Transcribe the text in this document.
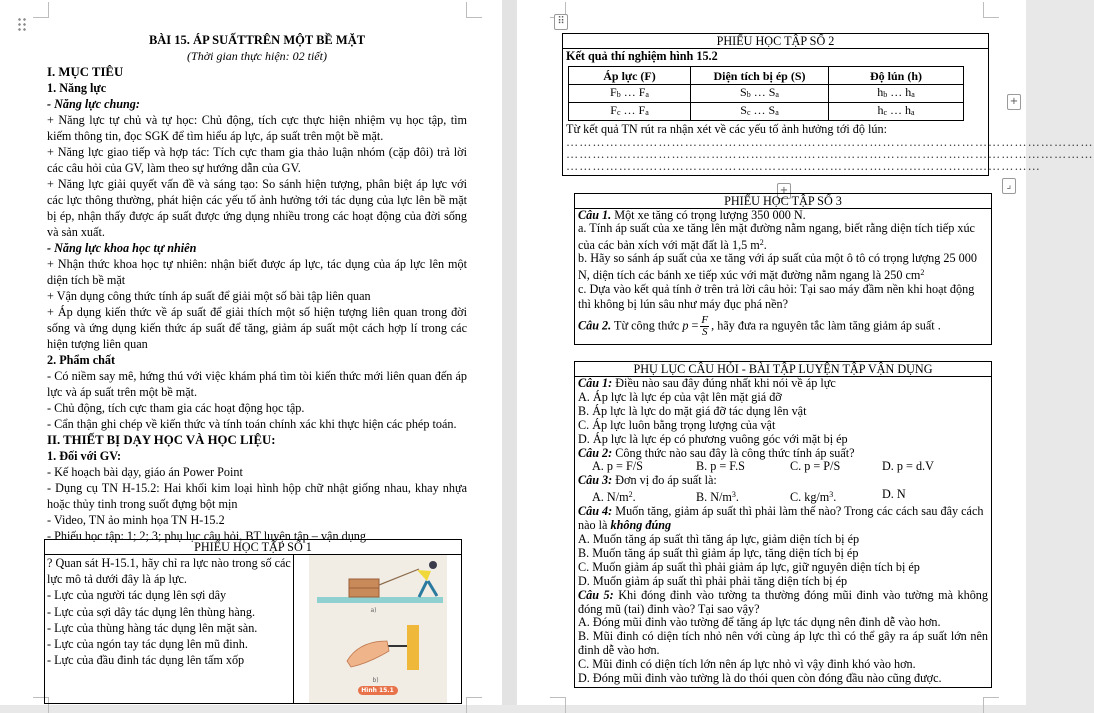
BÀI 15. ÁP SUẤTTRÊN MỘT BỀ MẶT
(Thời gian thực hiện: 02 tiết)
I. MỤC TIÊU
1. Năng lực
- Năng lực chung:
+ Năng lực tự chủ và tự học: Chủ động, tích cực thực hiện nhiệm vụ học tập, tìm kiếm thông tin, đọc SGK để tìm hiểu áp lực, áp suất trên một bề mặt.
+ Năng lực giao tiếp và hợp tác: Tích cực tham gia thảo luận nhóm (cặp đôi) trả lời các câu hỏi của GV, làm theo sự hướng dẫn của GV.
+ Năng lực giải quyết vấn đề và sáng tạo: So sánh hiện tượng, phân biệt áp lực với các lực thông thường, phát hiện các yếu tố ảnh hưởng tới tác dụng của lực lên bề mặt bị ép, nhận thấy được áp suất được ứng dụng nhiều trong các hoạt động của đời sống và sản xuất.
- Năng lực khoa học tự nhiên
+ Nhận thức khoa học tự nhiên: nhận biết được áp lực, tác dụng của áp lực lên một diện tích bề mặt
+ Vận dụng công thức tính áp suất để giải một số bài tập liên quan
+ Áp dụng kiến thức về áp suất để giải thích một số hiện tượng liên quan trong đời sống và ứng dụng kiến thức áp suất để tăng, giảm áp suất một cách hợp lí trong các hiện tượng liên quan
2. Phẩm chất
- Có niềm say mê, hứng thú với việc khám phá tìm tòi kiến thức mới liên quan đến áp lực và áp suất trên một bề mặt.
- Chủ động, tích cực tham gia các hoạt động học tập.
- Cẩn thận ghi chép về kiến thức và tính toán chính xác khi thực hiện các phép toán.
II. THIẾT BỊ DẠY HỌC VÀ HỌC LIỆU:
1. Đối với GV:
- Kế hoạch bài dạy, giáo án Power Point
- Dụng cụ TN H-15.2: Hai khối kim loại hình hộp chữ nhật giống nhau, khay nhựa hoặc thủy tinh trong suốt đựng bột mịn
- Video, TN ảo minh họa TN H-15.2
- Phiếu học tập: 1; 2; 3; phụ lục câu hỏi, BT luyện tập – vận dụng
PHIẾU HỌC TẬP SỐ 1

? Quan sát H-15.1, hãy chỉ ra lực nào trong số các lực mô tả dưới đây là áp lực.
- Lực của người tác dụng lên sợi dây
- Lực của sợi dây tác dụng lên thùng hàng.
- Lực của thùng hàng tác dụng lên mặt sàn.
- Lực của ngón tay tác dụng lên mũ đinh.
- Lực của đầu đinh tác dụng lên tấm xốp

a)
b)
Hình 15.1
⠿
+
⌟
+
PHIẾU HỌC TẬP SỐ 2
Kết quả thí nghiệm hình 15.2
Áp lực (F)	Diện tích bị ép (S)	Độ lún (h)
$F_b$ … $F_a$	$S_b$ … $S_a$	$h_b$ … $h_a$
$F_c$ … $F_a$	$S_c$ … $S_a$	$h_c$ … $h_a$
Từ kết quả TN rút ra nhận xét về các yếu tố ảnh hưởng tới độ lún:
…………………………………………………………………………………………………………
…………………………………………………………………………………………………………
………………………………………………………………………………………………
PHIẾU HỌC TẬP SỐ 3
Câu 1. Một xe tăng có trọng lượng 350 000 N.
a. Tính áp suất của xe tăng lên mặt đường nằm ngang, biết rằng diện tích tiếp xúc của các bản xích với mặt đất là 1,5 $m^2$.
b. Hãy so sánh áp suất của xe tăng với áp suất của một ô tô có trọng lượng 25 000 N, diện tích các bánh xe tiếp xúc với mặt đường nằm ngang là 250 $cm^2$
c. Dựa vào kết quả tính ở trên trả lời câu hỏi: Tại sao máy đầm nền khi hoạt động thì không bị lún sâu như máy đục phá nền?
Câu 2. Từ công thức $p = \frac{F}{S}$ , hãy đưa ra nguyên tắc làm tăng giảm áp suất .
PHỤ LỤC CÂU HỎI - BÀI TẬP LUYỆN TẬP VẬN DỤNG
Câu 1: Điều nào sau đây đúng nhất khi nói về áp lực
A. Áp lực là lực ép của vật lên mặt giá đỡ
B. Áp lực là lực do mặt giá đỡ tác dụng lên vật
C. Áp lực luôn bằng trọng lượng của vật
D. Áp lực là lực ép có phương vuông góc với mặt bị ép
Câu 2: Công thức nào sau đây là công thức tính áp suất?
A. p = F/S	B. p = F.S	C. p = P/S	D. p = d.V
Câu 3: Đơn vị đo áp suất là:
A. $N/m^2$.	B. $N/m^3$.	C. $kg/m^3$.	D. N
Câu 4: Muốn tăng, giảm áp suất thì phải làm thế nào? Trong các cách sau đây cách nào là không đúng
A. Muốn tăng áp suất thì tăng áp lực, giảm diện tích bị ép
B. Muốn tăng áp suất thì giảm áp lực, tăng diện tích bị ép
C. Muốn giảm áp suất thì phải giảm áp lực, giữ nguyên diện tích bị ép
D. Muốn giảm áp suất thì phải phải tăng diện tích bị ép
Câu 5: Khi đóng đinh vào tường ta thường đóng mũi đinh vào tường mà không đóng mũ (tai) đinh vào? Tại sao vậy?
A. Đóng mũi đinh vào tường để tăng áp lực tác dụng nên đinh dễ vào hơn.
B. Mũi đinh có diện tích nhỏ nên với cùng áp lực thì có thể gây ra áp suất lớn nên đinh dễ vào hơn.
C. Mũi đinh có diện tích lớn nên áp lực nhỏ vì vậy đinh khó vào hơn.
D. Đóng mũi đinh vào tường là do thói quen còn đóng đầu nào cũng được.
